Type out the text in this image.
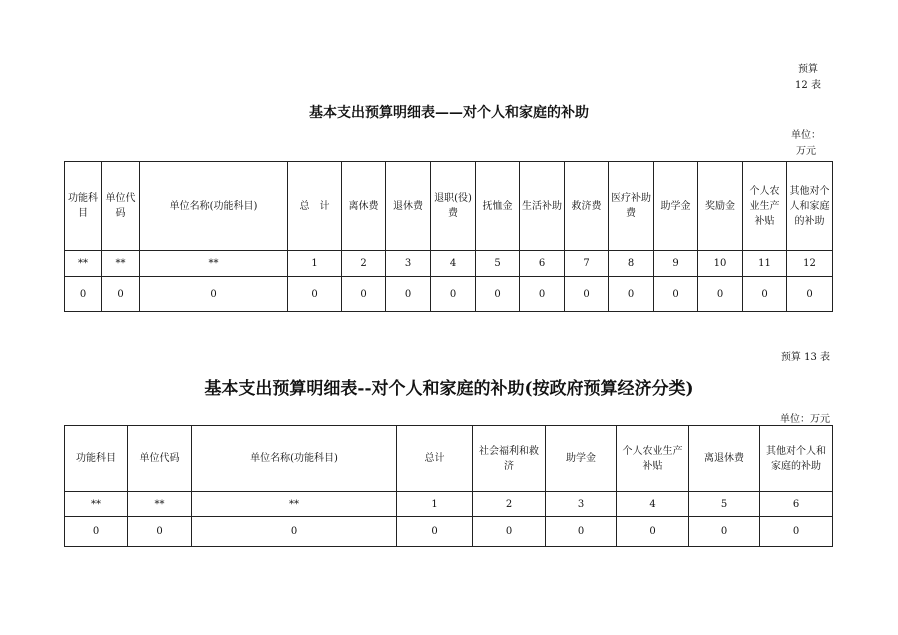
预算
12 表
基本支出预算明细表——对个人和家庭的补助
单位：
万元
功能科目	单位代码	单位名称(功能科目)	总　计	离休费	退休费	退职(役)费	抚恤金	生活补助	救济费	医疗补助费	助学金	奖励金	个人农业生产补贴	其他对个人和家庭的补助
**	**	**	1	2	3	4	5	6	7	8	9	10	11	12
0	0	0	0	0	0	0	0	0	0	0	0	0	0	0
预算 13 表
基本支出预算明细表--对个人和家庭的补助(按政府预算经济分类)
单位：万元
功能科目	单位代码	单位名称(功能科目)	总计	社会福利和救济	助学金	个人农业生产补贴	离退休费	其他对个人和家庭的补助
**	**	**	1	2	3	4	5	6
0	0	0	0	0	0	0	0	0
